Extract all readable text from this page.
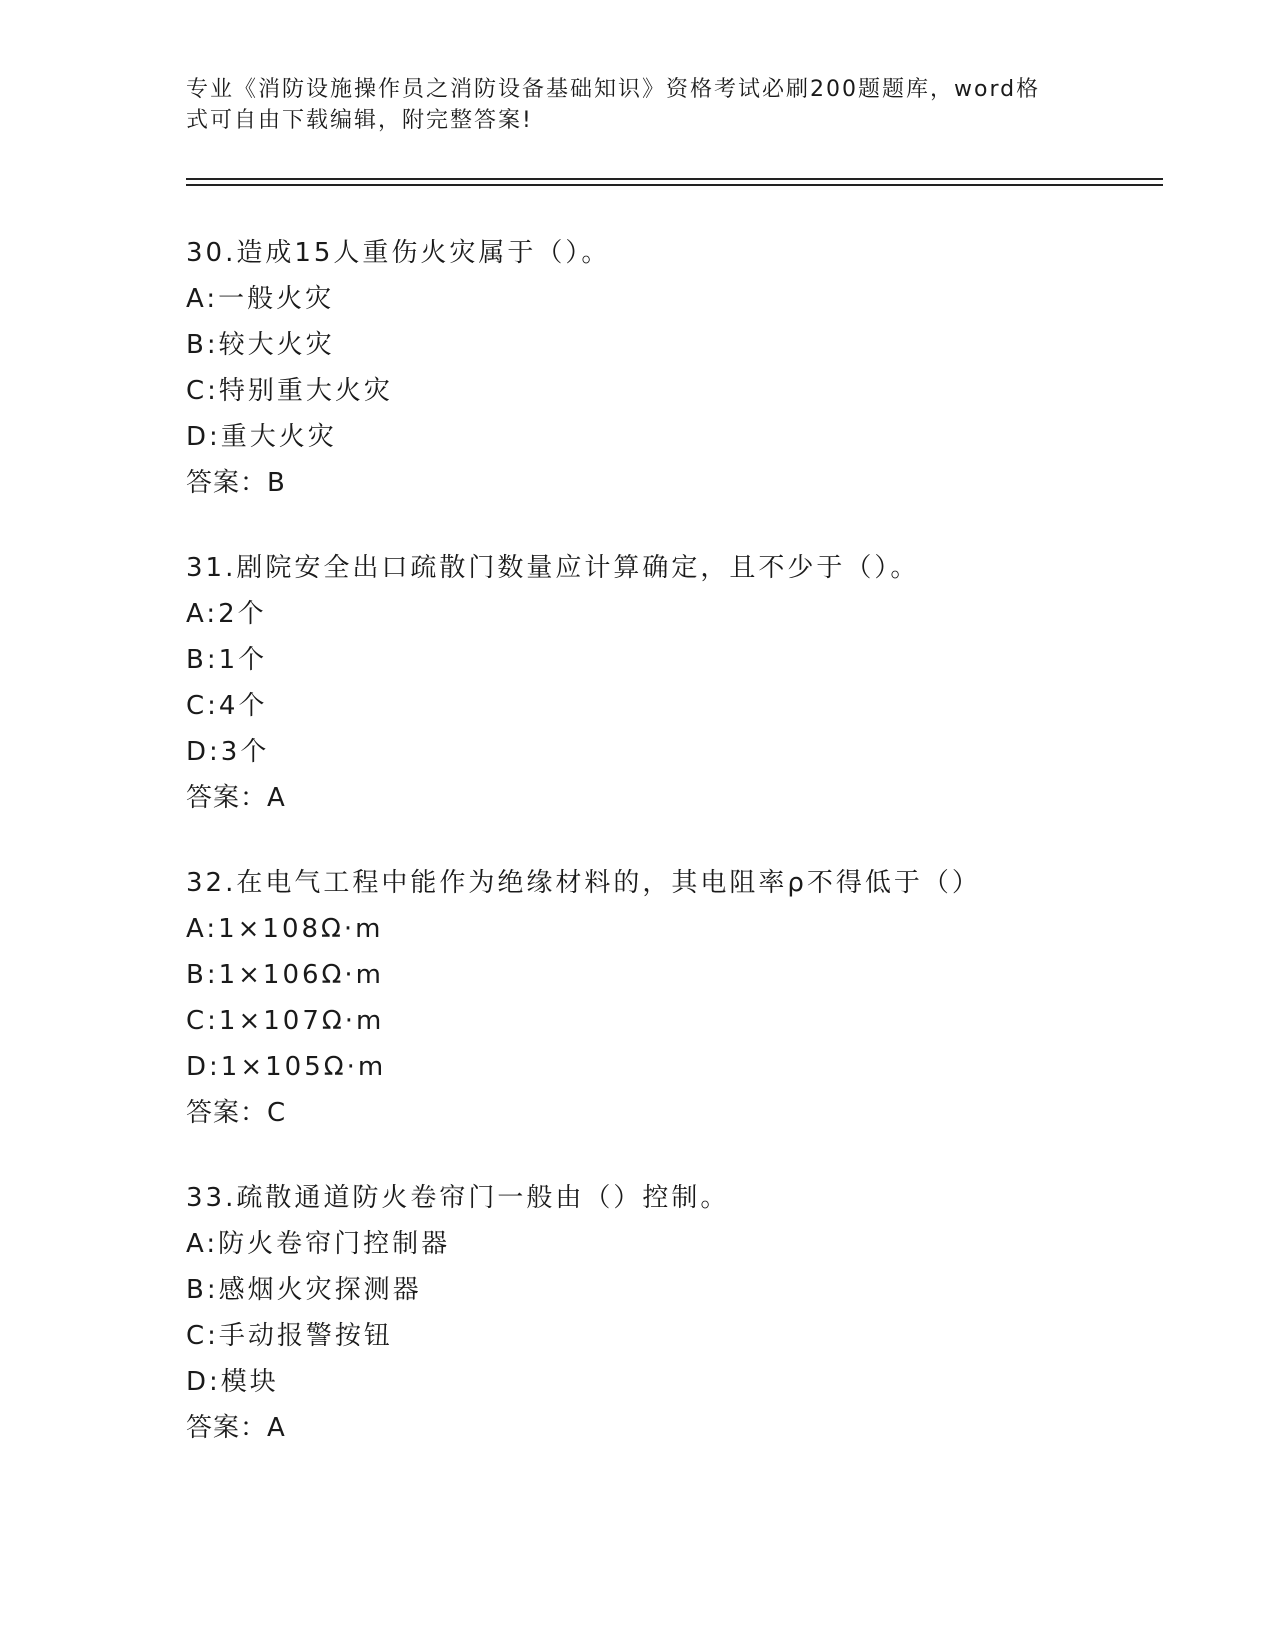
专业《消防设施操作员之消防设备基础知识》资格考试必刷200题题库，word格
式可自由下载编辑，附完整答案!
30.造成15人重伤火灾属于（）。
A:一般火灾
B:较大火灾
C:特别重大火灾
D:重大火灾
答案：B
31.剧院安全出口疏散门数量应计算确定，且不少于（）。
A:2个
B:1个
C:4个
D:3个
答案：A
32.在电气工程中能作为绝缘材料的，其电阻率ρ不得低于（）
A:1×108Ω·m
B:1×106Ω·m
C:1×107Ω·m
D:1×105Ω·m
答案：C
33.疏散通道防火卷帘门一般由（）控制。
A:防火卷帘门控制器
B:感烟火灾探测器
C:手动报警按钮
D:模块
答案：A
